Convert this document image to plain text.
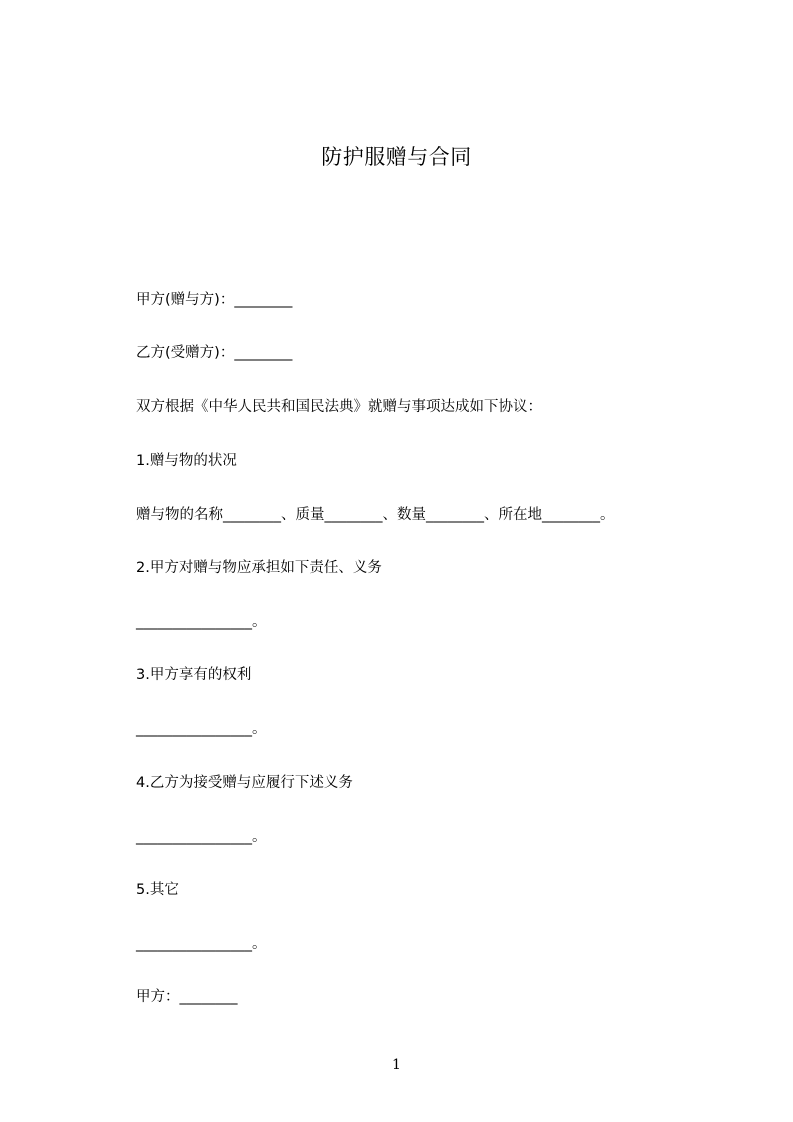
防护服赠与合同
甲方(赠与方)：________
乙方(受赠方)：________
双方根据《中华人民共和国民法典》就赠与事项达成如下协议：
1.赠与物的状况
赠与物的名称________、质量________、数量________、所在地________。
2.甲方对赠与物应承担如下责任、义务
________________。
3.甲方享有的权利
________________。
4.乙方为接受赠与应履行下述义务
________________。
5.其它
________________。
甲方：________
1
